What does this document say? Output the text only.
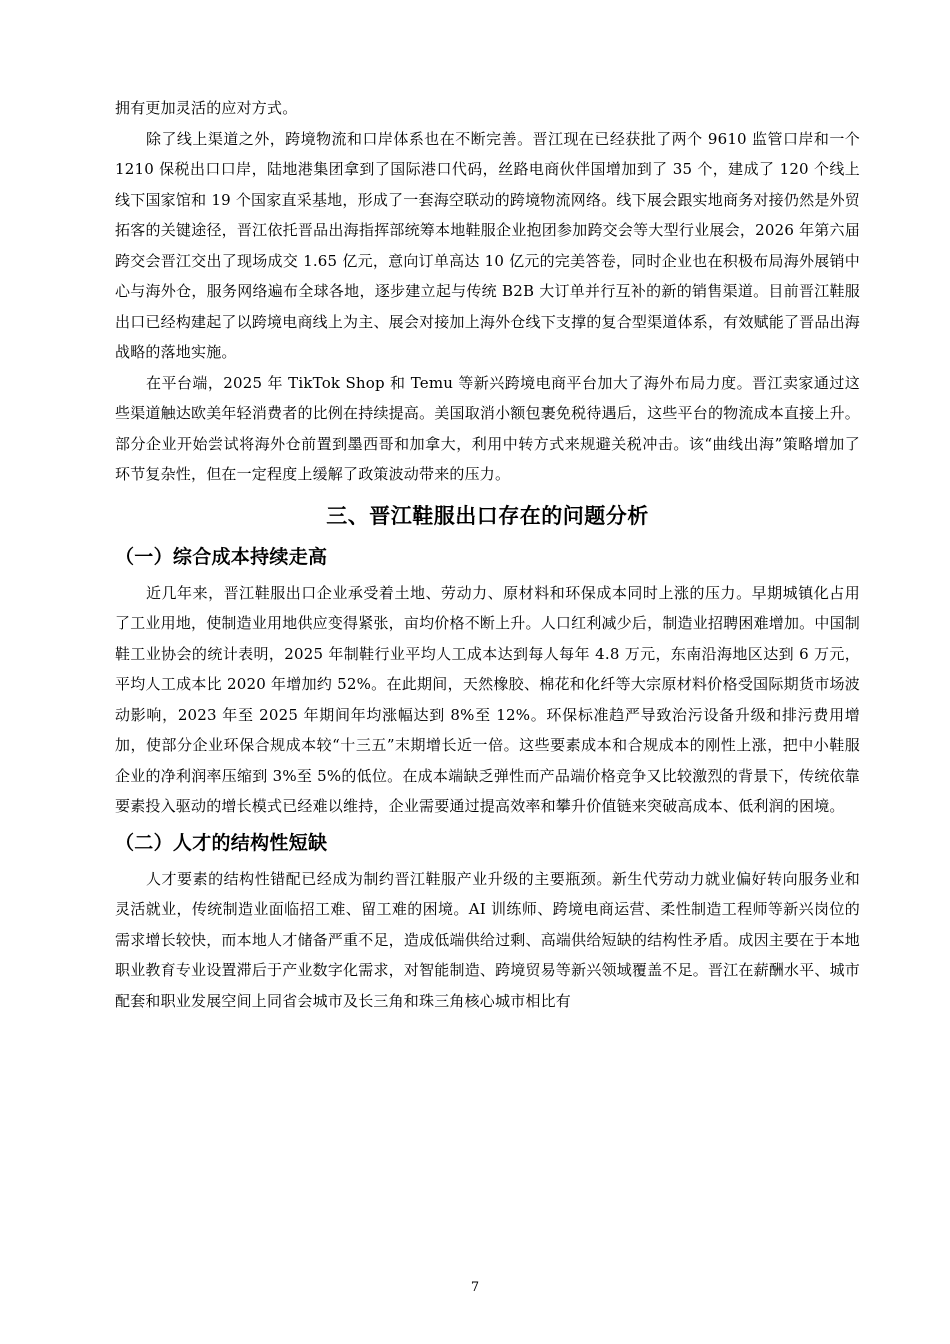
拥有更加灵活的应对方式。

除了线上渠道之外，跨境物流和口岸体系也在不断完善。晋江现在已经获批了两个 9610 监管口岸和一个 1210 保税出口口岸，陆地港集团拿到了国际港口代码，丝路电商伙伴国增加到了 35 个，建成了 120 个线上线下国家馆和 19 个国家直采基地，形成了一套海空联动的跨境物流网络。线下展会跟实地商务对接仍然是外贸拓客的关键途径，晋江依托晋品出海指挥部统筹本地鞋服企业抱团参加跨交会等大型行业展会，2026 年第六届跨交会晋江交出了现场成交 1.65 亿元，意向订单高达 10 亿元的完美答卷，同时企业也在积极布局海外展销中心与海外仓，服务网络遍布全球各地，逐步建立起与传统 B2B 大订单并行互补的新的销售渠道。目前晋江鞋服出口已经构建起了以跨境电商线上为主、展会对接加上海外仓线下支撑的复合型渠道体系，有效赋能了晋品出海战略的落地实施。

在平台端，2025 年 TikTok Shop 和 Temu 等新兴跨境电商平台加大了海外布局力度。晋江卖家通过这些渠道触达欧美年轻消费者的比例在持续提高。美国取消小额包裹免税待遇后，这些平台的物流成本直接上升。部分企业开始尝试将海外仓前置到墨西哥和加拿大，利用中转方式来规避关税冲击。该“曲线出海”策略增加了环节复杂性，但在一定程度上缓解了政策波动带来的压力。

三、晋江鞋服出口存在的问题分析
（一）综合成本持续走高

近几年来，晋江鞋服出口企业承受着土地、劳动力、原材料和环保成本同时上涨的压力。早期城镇化占用了工业用地，使制造业用地供应变得紧张，亩均价格不断上升。人口红利减少后，制造业招聘困难增加。中国制鞋工业协会的统计表明，2025 年制鞋行业平均人工成本达到每人每年 4.8 万元，东南沿海地区达到 6 万元，平均人工成本比 2020 年增加约 52%。在此期间，天然橡胶、棉花和化纤等大宗原材料价格受国际期货市场波动影响，2023 年至 2025 年期间年均涨幅达到 8%至 12%。环保标准趋严导致治污设备升级和排污费用增加，使部分企业环保合规成本较“十三五”末期增长近一倍。这些要素成本和合规成本的刚性上涨，把中小鞋服企业的净利润率压缩到 3%至 5%的低位。在成本端缺乏弹性而产品端价格竞争又比较激烈的背景下，传统依靠要素投入驱动的增长模式已经难以维持，企业需要通过提高效率和攀升价值链来突破高成本、低利润的困境。

（二）人才的结构性短缺

人才要素的结构性错配已经成为制约晋江鞋服产业升级的主要瓶颈。新生代劳动力就业偏好转向服务业和灵活就业，传统制造业面临招工难、留工难的困境。AI 训练师、跨境电商运营、柔性制造工程师等新兴岗位的需求增长较快，而本地人才储备严重不足，造成低端供给过剩、高端供给短缺的结构性矛盾。成因主要在于本地职业教育专业设置滞后于产业数字化需求，对智能制造、跨境贸易等新兴领域覆盖不足。晋江在薪酬水平、城市配套和职业发展空间上同省会城市及长三角和珠三角核心城市相比有

7
